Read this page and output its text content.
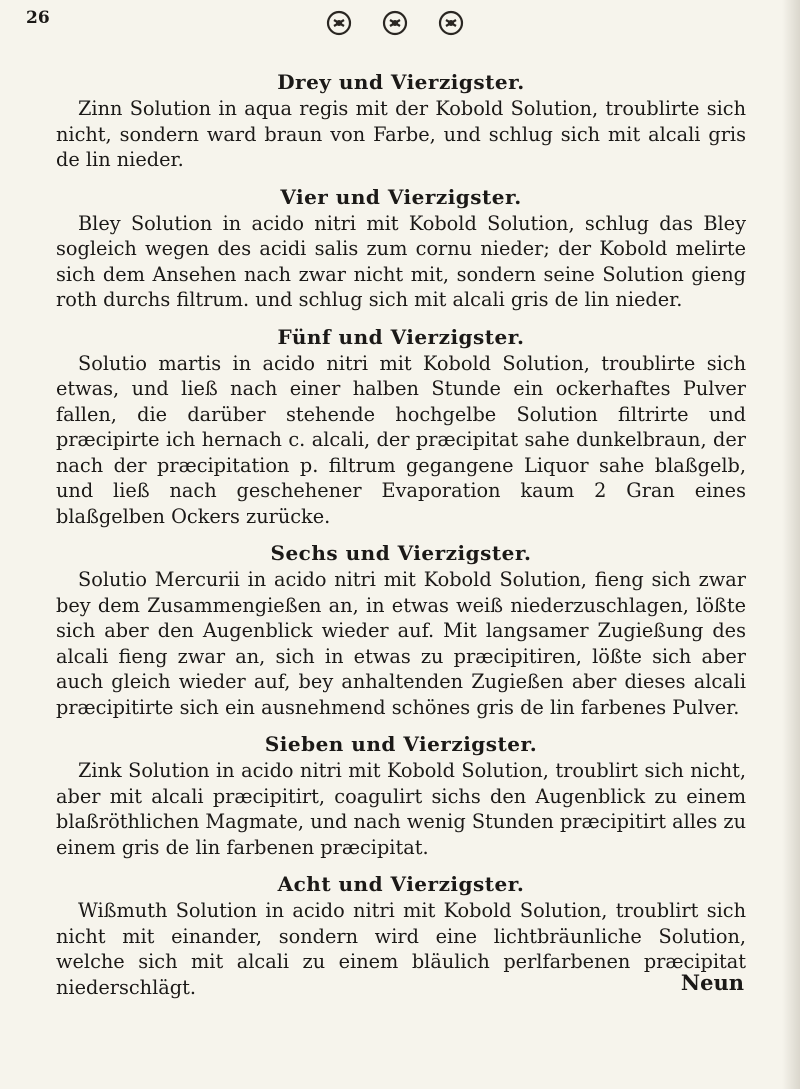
26
Drey und Vierzigster.

Zinn Solution in aqua regis mit der Kobold Solution, troublirte sich nicht, sondern ward braun von Farbe, und schlug sich mit alcali gris de lin nieder.

Vier und Vierzigster.

Bley Solution in acido nitri mit Kobold Solution, schlug das Bley sogleich wegen des acidi salis zum cornu nieder; der Kobold melirte sich dem Ansehen nach zwar nicht mit, sondern seine Solution gieng roth durchs filtrum. und schlug sich mit alcali gris de lin nieder.

Fünf und Vierzigster.

Solutio martis in acido nitri mit Kobold Solution, troublirte sich etwas, und ließ nach einer halben Stunde ein ockerhaftes Pulver fallen, die darüber stehende hochgelbe Solution filtrirte und præcipirte ich hernach c. alcali, der præcipitat sahe dunkelbraun, der nach der præcipitation p. filtrum gegangene Liquor sahe blaßgelb, und ließ nach geschehener Evaporation kaum 2 Gran eines blaßgelben Ockers zurücke.

Sechs und Vierzigster.

Solutio Mercurii in acido nitri mit Kobold Solution, fieng sich zwar bey dem Zusammengießen an, in etwas weiß niederzuschlagen, lößte sich aber den Augenblick wieder auf. Mit langsamer Zugießung des alcali fieng zwar an, sich in etwas zu præcipitiren, lößte sich aber auch gleich wieder auf, bey anhaltenden Zugießen aber dieses alcali præcipitirte sich ein ausnehmend schönes gris de lin farbenes Pulver.

Sieben und Vierzigster.

Zink Solution in acido nitri mit Kobold Solution, troublirt sich nicht, aber mit alcali præcipitirt, coagulirt sichs den Augenblick zu einem blaßröthlichen Magmate, und nach wenig Stunden præcipitirt alles zu einem gris de lin farbenen præcipitat.

Acht und Vierzigster.

Wißmuth Solution in acido nitri mit Kobold Solution, troublirt sich nicht mit einander, sondern wird eine lichtbräunliche Solution, welche sich mit alcali zu einem bläulich perlfarbenen præcipitat niederschlägt.	Neun
